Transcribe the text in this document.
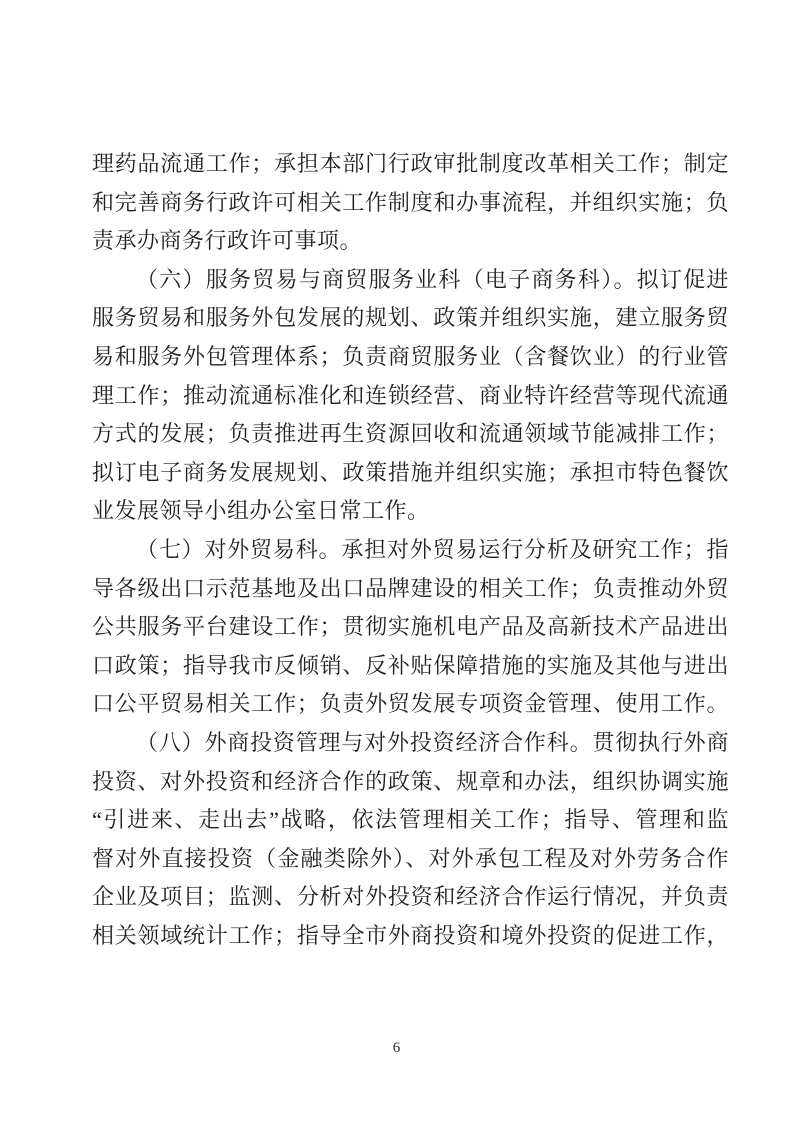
理药品流通工作；承担本部门行政审批制度改革相关工作；制定
和完善商务行政许可相关工作制度和办事流程，并组织实施；负
责承办商务行政许可事项。
（六）服务贸易与商贸服务业科（电子商务科）。拟订促进
服务贸易和服务外包发展的规划、政策并组织实施，建立服务贸
易和服务外包管理体系；负责商贸服务业（含餐饮业）的行业管
理工作；推动流通标准化和连锁经营、商业特许经营等现代流通
方式的发展；负责推进再生资源回收和流通领域节能减排工作；
拟订电子商务发展规划、政策措施并组织实施；承担市特色餐饮
业发展领导小组办公室日常工作。
（七）对外贸易科。承担对外贸易运行分析及研究工作；指
导各级出口示范基地及出口品牌建设的相关工作；负责推动外贸
公共服务平台建设工作；贯彻实施机电产品及高新技术产品进出
口政策；指导我市反倾销、反补贴保障措施的实施及其他与进出
口公平贸易相关工作；负责外贸发展专项资金管理、使用工作。
（八）外商投资管理与对外投资经济合作科。贯彻执行外商
投资、对外投资和经济合作的政策、规章和办法，组织协调实施
“引进来、走出去”战略，依法管理相关工作；指导、管理和监
督对外直接投资（金融类除外）、对外承包工程及对外劳务合作
企业及项目；监测、分析对外投资和经济合作运行情况，并负责
相关领域统计工作；指导全市外商投资和境外投资的促进工作，
6
